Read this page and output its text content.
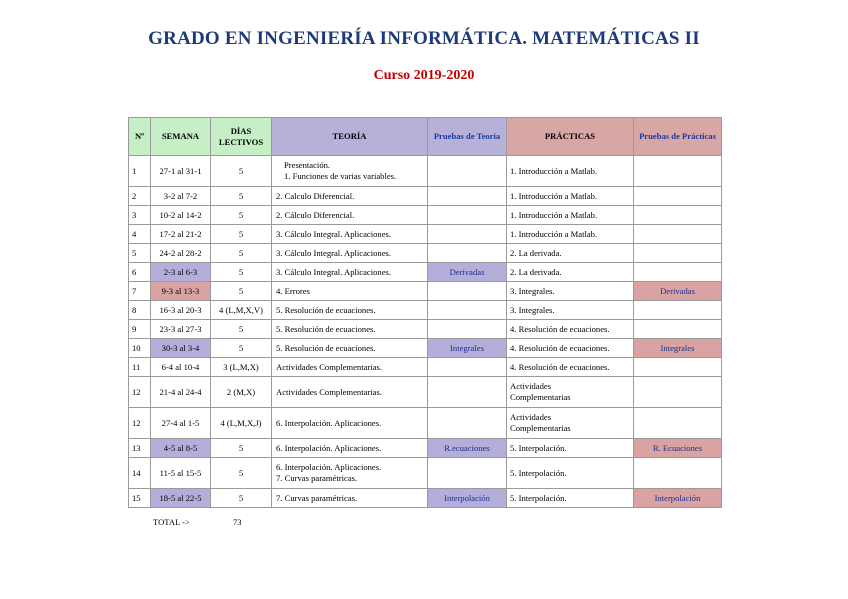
GRADO EN INGENIERÍA INFORMÁTICA. MATEMÁTICAS II
Curso 2019-2020
Nº	SEMANA	DÍAS LECTIVOS	TEORÍA	Pruebas de Teoría	PRÁCTICAS	Pruebas de Prácticas
1	27-1 al 31-1	5	Presentación.
1. Funciones de varias variables.		1. Introducción a Matlab.	
2	3-2 al 7-2	5	2. Calculo Diferencial.		1. Introducción a Matlab.	
3	10-2 al 14-2	5	2. Cálculo Diferencial.		1. Introducción a Matlab.	
4	17-2 al 21-2	5	3. Cálculo Integral. Aplicaciones.		1. Introducción a Matlab.	
5	24-2 al 28-2	5	3. Cálculo Integral. Aplicaciones.		2. La derivada.	
6	2-3 al 6-3	5	3. Cálculo Integral. Aplicaciones.	Derivadas	2. La derivada.	
7	9-3 al 13-3	5	4. Errores		3. Integrales.	Derivadas
8	16-3 al 20-3	4 (L,M,X,V)	5. Resolución de ecuaciones.		3. Integrales.	
9	23-3 al 27-3	5	5. Resolución de ecuaciones.		4. Resolución de ecuaciones.	
10	30-3 al 3-4	5	5. Resolución de ecuaciones.	Integrales	4. Resolución de ecuaciones.	Integrales
11	6-4 al 10-4	3 (L,M,X)	Actividades Complementarias.		4. Resolución de ecuaciones.	
12	21-4 al 24-4	2 (M,X)	Actividades Complementarias.		Actividades
Complementarias	
12	27-4 al 1-5	4 (L,M,X,J)	6. Interpolación. Aplicaciones.		Actividades
Complementarias	
13	4-5 al 8-5	5	6. Interpolación. Aplicaciones.	R.ecuaciones	5. Interpolación.	R. Ecuaciones
14	11-5 al 15-5	5	6. Interpolación. Aplicaciones.
7. Curvas paramétricas.		5. Interpolación.	
15	18-5 al 22-5	5	7. Curvas paramétricas.	Interpolación	5. Interpolación.	Interpolación
TOTAL ->	73
